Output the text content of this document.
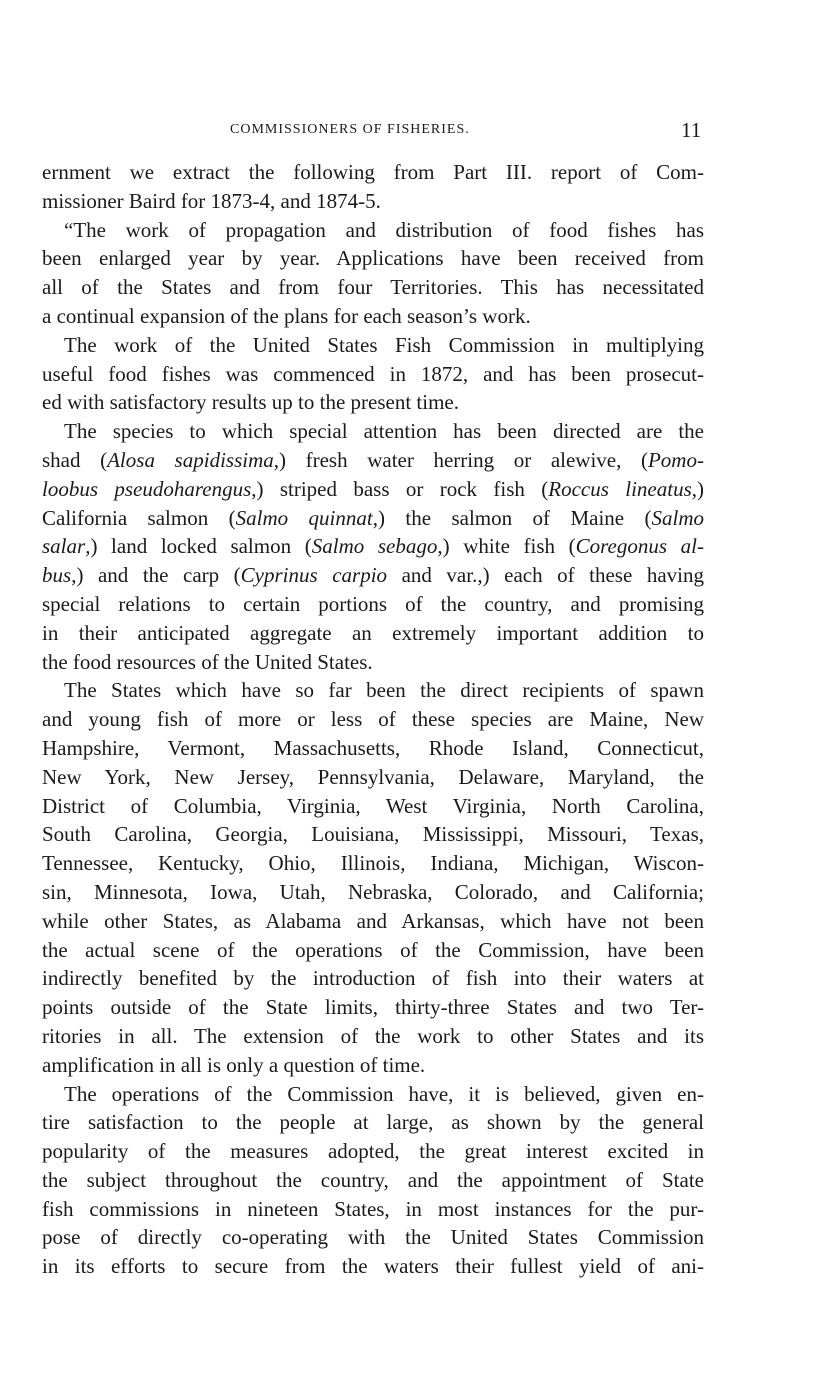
COMMISSIONERS OF FISHERIES.	11
ernment we extract the following from Part III. report of Com-
missioner Baird for 1873-4, and 1874-5.
“The work of propagation and distribution of food fishes has
been enlarged year by year. Applications have been received from
all of the States and from four Territories. This has necessitated
a continual expansion of the plans for each season’s work.
The work of the United States Fish Commission in multiplying
useful food fishes was commenced in 1872, and has been prosecut-
ed with satisfactory results up to the present time.
The species to which special attention has been directed are the
shad (Alosa sapidissima,) fresh water herring or alewive, (Pomo-
loobus pseudoharengus,) striped bass or rock fish (Roccus lineatus,)
California salmon (Salmo quinnat,) the salmon of Maine (Salmo
salar,) land locked salmon (Salmo sebago,) white fish (Coregonus al-
bus,) and the carp (Cyprinus carpio and var.,) each of these having
special relations to certain portions of the country, and promising
in their anticipated aggregate an extremely important addition to
the food resources of the United States.
The States which have so far been the direct recipients of spawn
and young fish of more or less of these species are Maine, New
Hampshire, Vermont, Massachusetts, Rhode Island, Connecticut,
New York, New Jersey, Pennsylvania, Delaware, Maryland, the
District of Columbia, Virginia, West Virginia, North Carolina,
South Carolina, Georgia, Louisiana, Mississippi, Missouri, Texas,
Tennessee, Kentucky, Ohio, Illinois, Indiana, Michigan, Wiscon-
sin, Minnesota, Iowa, Utah, Nebraska, Colorado, and California;
while other States, as Alabama and Arkansas, which have not been
the actual scene of the operations of the Commission, have been
indirectly benefited by the introduction of fish into their waters at
points outside of the State limits, thirty-three States and two Ter-
ritories in all. The extension of the work to other States and its
amplification in all is only a question of time.
The operations of the Commission have, it is believed, given en-
tire satisfaction to the people at large, as shown by the general
popularity of the measures adopted, the great interest excited in
the subject throughout the country, and the appointment of State
fish commissions in nineteen States, in most instances for the pur-
pose of directly co-operating with the United States Commission
in its efforts to secure from the waters their fullest yield of ani-
